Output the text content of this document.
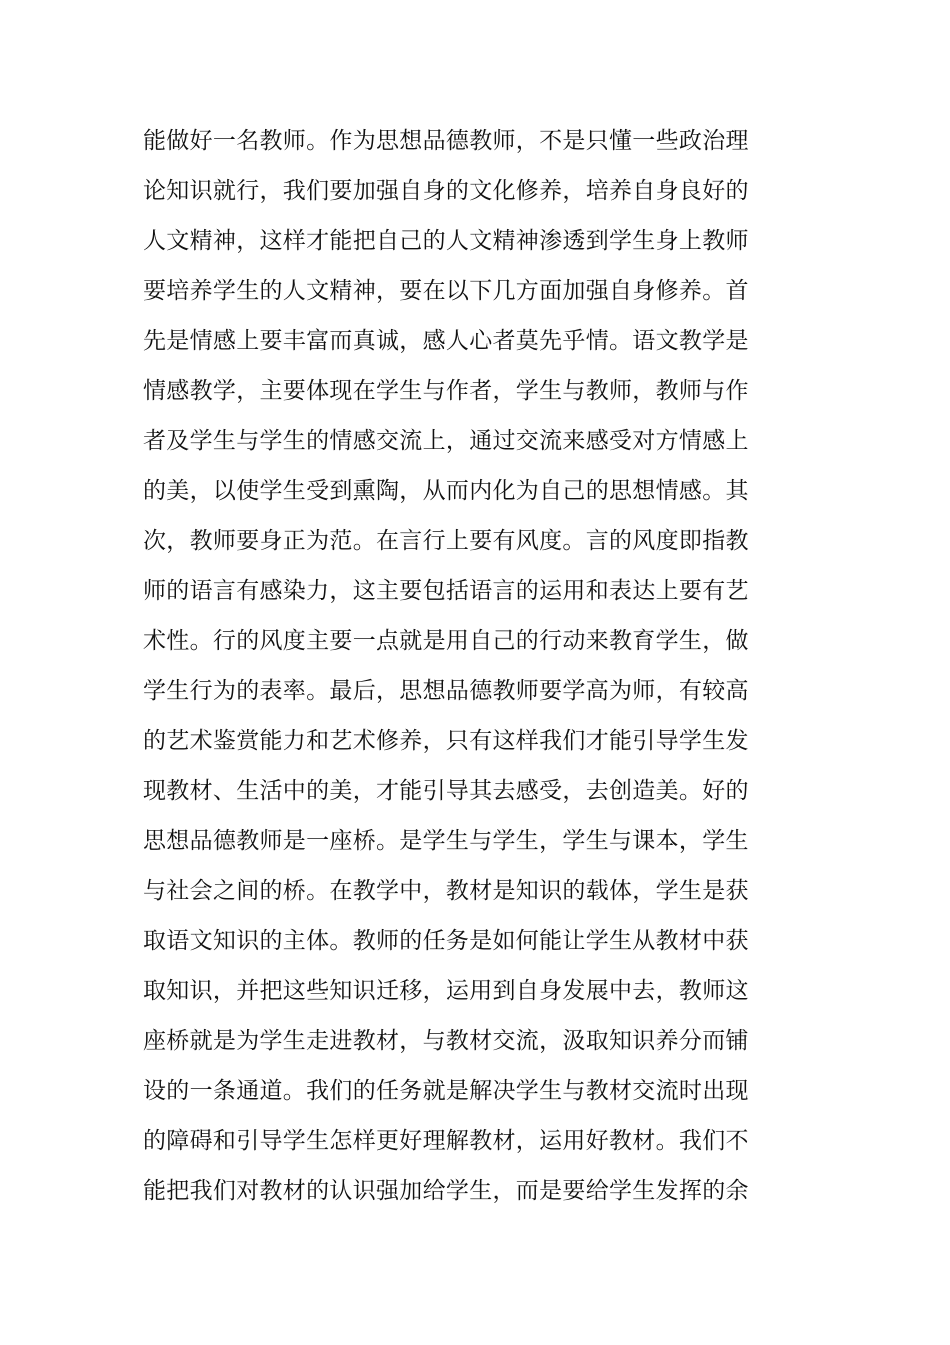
能做好一名教师。作为思想品德教师，不是只懂一些政治理
论知识就行，我们要加强自身的文化修养，培养自身良好的
人文精神，这样才能把自己的人文精神渗透到学生身上教师
要培养学生的人文精神，要在以下几方面加强自身修养。首
先是情感上要丰富而真诚，感人心者莫先乎情。语文教学是
情感教学，主要体现在学生与作者，学生与教师，教师与作
者及学生与学生的情感交流上，通过交流来感受对方情感上
的美，以使学生受到熏陶，从而内化为自己的思想情感。其
次，教师要身正为范。在言行上要有风度。言的风度即指教
师的语言有感染力，这主要包括语言的运用和表达上要有艺
术性。行的风度主要一点就是用自己的行动来教育学生，做
学生行为的表率。最后，思想品德教师要学高为师，有较高
的艺术鉴赏能力和艺术修养，只有这样我们才能引导学生发
现教材、生活中的美，才能引导其去感受，去创造美。好的
思想品德教师是一座桥。是学生与学生，学生与课本，学生
与社会之间的桥。在教学中，教材是知识的载体，学生是获
取语文知识的主体。教师的任务是如何能让学生从教材中获
取知识，并把这些知识迁移，运用到自身发展中去，教师这
座桥就是为学生走进教材，与教材交流，汲取知识养分而铺
设的一条通道。我们的任务就是解决学生与教材交流时出现
的障碍和引导学生怎样更好理解教材，运用好教材。我们不
能把我们对教材的认识强加给学生，而是要给学生发挥的余
